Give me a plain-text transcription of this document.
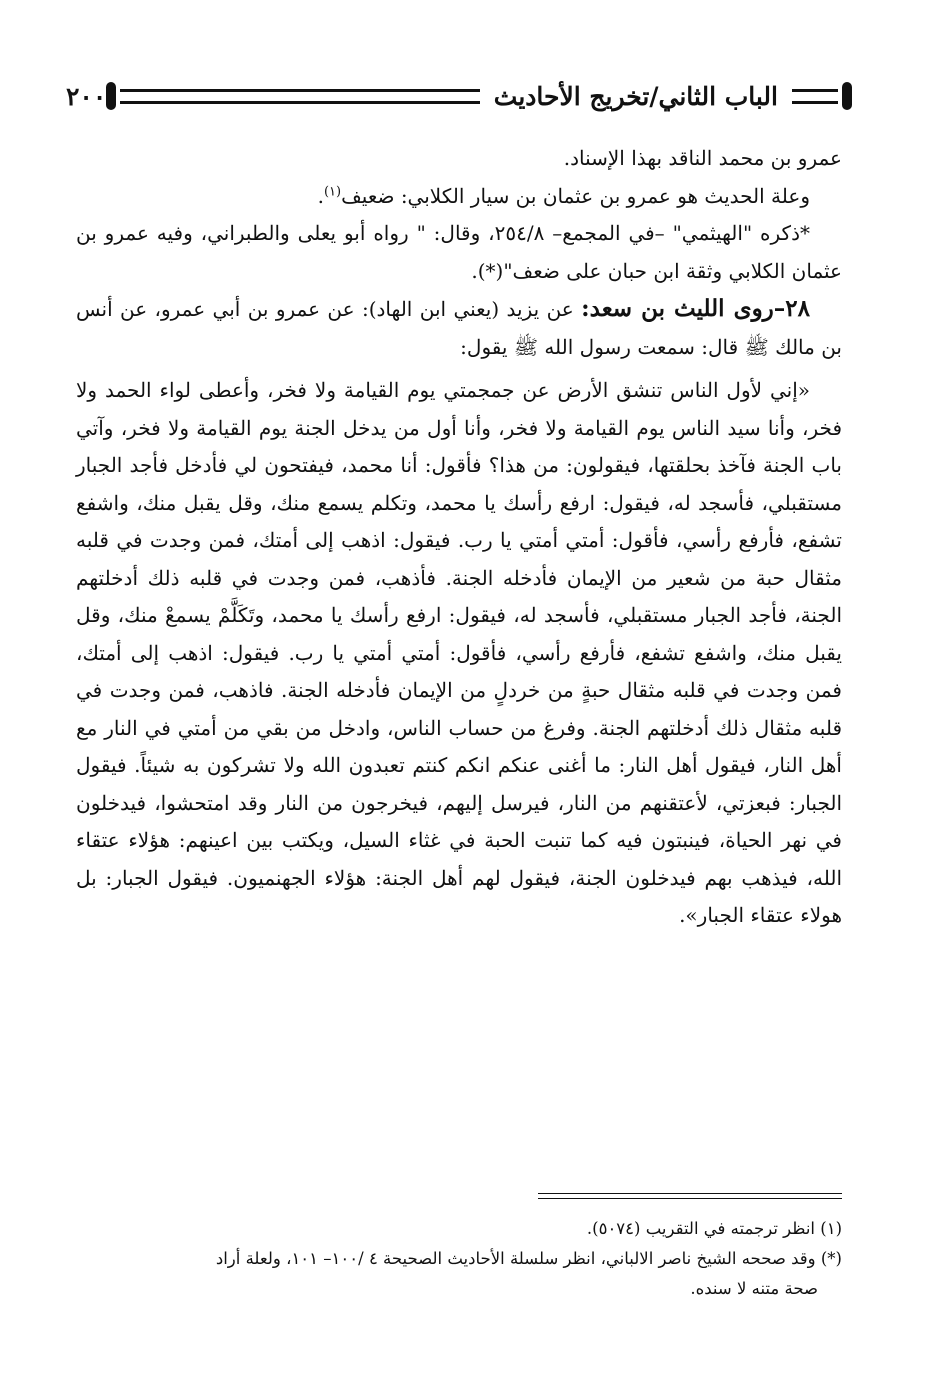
٢٠٠	الباب الثاني/تخريج الأحاديث

عمرو بن محمد الناقد بهذا الإسناد.

وعلة الحديث هو عمرو بن عثمان بن سيار الكلابي: ضعيف$^{(١)}$.

*ذكره "الهيثمي" –في المجمع– ٢٥٤/٨، وقال: " رواه أبو يعلى والطبراني، وفيه عمرو بن عثمان الكلابي وثقة ابن حبان على ضعف"(*).

٢٨–روى الليث بن سعد: عن يزيد (يعني ابن الهاد): عن عمرو بن أبي عمرو، عن أنس بن مالك ﷺ قال: سمعت رسول الله ﷺ يقول:

«إني لأول الناس تنشق الأرض عن جمجمتي يوم القيامة ولا فخر، وأعطى لواء الحمد ولا فخر، وأنا سيد الناس يوم القيامة ولا فخر، وأنا أول من يدخل الجنة يوم القيامة ولا فخر، وآتي باب الجنة فآخذ بحلقتها، فيقولون: من هذا؟ فأقول: أنا محمد، فيفتحون لي فأدخل فأجد الجبار مستقبلي، فأسجد له، فيقول: ارفع رأسك يا محمد، وتكلم يسمع منك، وقل يقبل منك، واشفع تشفع، فأرفع رأسي، فأقول: أمتي أمتي يا رب. فيقول: اذهب إلى أمتك، فمن وجدت في قلبه مثقال حبة من شعير من الإيمان فأدخله الجنة. فأذهب، فمن وجدت في قلبه ذلك أدخلتهم الجنة، فأجد الجبار مستقبلي، فأسجد له، فيقول: ارفع رأسك يا محمد، وتَكَلَّمْ يسمعْ منك، وقل يقبل منك، واشفع تشفع، فأرفع رأسي، فأقول: أمتي أمتي يا رب. فيقول: اذهب إلى أمتك، فمن وجدت في قلبه مثقال حبةٍ من خردلٍ من الإيمان فأدخله الجنة. فاذهب، فمن وجدت في قلبه مثقال ذلك أدخلتهم الجنة. وفرغ من حساب الناس، وادخل من بقي من أمتي في النار مع أهل النار، فيقول أهل النار: ما أغنى عنكم انكم كنتم تعبدون الله ولا تشركون به شيئاً. فيقول الجبار: فبعزتي، لأعتقنهم من النار، فيرسل إليهم، فيخرجون من النار وقد امتحشوا، فيدخلون في نهر الحياة، فينبتون فيه كما تنبت الحبة في غثاء السيل، ويكتب بين اعينهم: هؤلاء عتقاء الله، فيذهب بهم فيدخلون الجنة، فيقول لهم أهل الجنة: هؤلاء الجهنميون. فيقول الجبار: بل هولاء عتقاء الجبار».

(١) انظر ترجمته في التقريب (٥٠٧٤).

(*) وقد صححه الشيخ ناصر الالباني، انظر سلسلة الأحاديث الصحيحة ٤ /١٠٠– ١٠١، ولعلة أراد

صحة متنه لا سنده.
